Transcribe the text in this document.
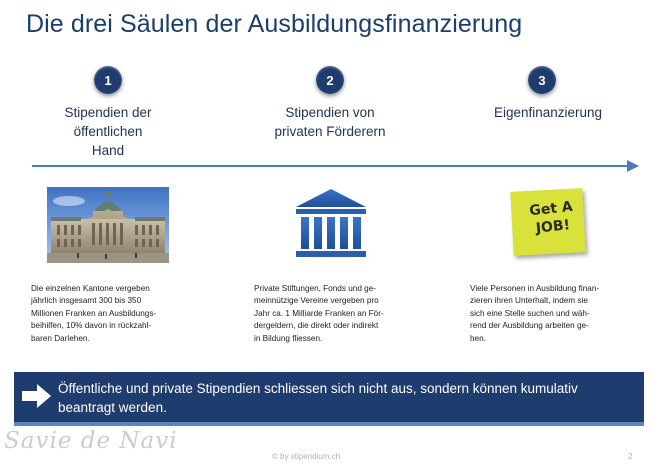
Die drei Säulen der Ausbildungsfinanzierung
1
Stipendien der
öffentlichen
Hand
2
Stipendien von
privaten Förderern
3
Eigenfinanzierung
Get A
JOB!
Die einzelnen Kantone vergeben
jährlich insgesamt 300 bis 350
Millionen Franken an Ausbildungs-
beihilfen, 10% davon in rückzahl-
baren Darlehen.
Private Stiftungen, Fonds und ge-
meinnützige Vereine vergeben pro
Jahr ca. 1 Milliarde Franken an För-
dergeldern, die direkt oder indirekt
in Bildung fliessen.
Viele Personen in Ausbildung finan-
zieren ihren Unterhalt, indem sie
sich eine Stelle suchen und wäh-
rend der Ausbildung arbeiten ge-
hen.
Öffentliche und private Stipendien schliessen sich nicht aus, sondern können kumulativ
beantragt werden.
Savie de Navi
© by stipendium.ch	2
